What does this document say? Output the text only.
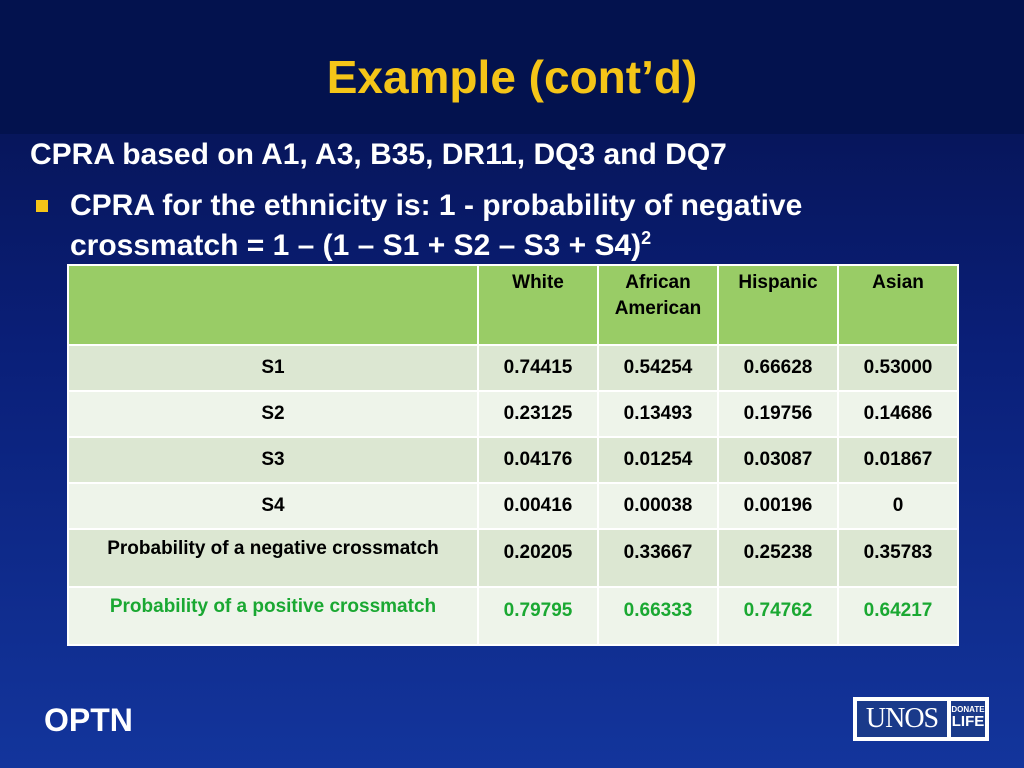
Example (cont’d)
CPRA based on A1, A3, B35, DR11, DQ3 and DQ7
CPRA for the ethnicity is: 1 - probability of negative crossmatch = $1 - (1 - S1 + S2 - S3 + S4)^2$
	White	African American	Hispanic	Asian
S1	0.74415	0.54254	0.66628	0.53000
S2	0.23125	0.13493	0.19756	0.14686
S3	0.04176	0.01254	0.03087	0.01867
S4	0.00416	0.00038	0.00196	0
Probability of a negative crossmatch	0.20205	0.33667	0.25238	0.35783
Probability of a positive crossmatch	0.79795	0.66333	0.74762	0.64217
OPTN	UNOS	DONATE
LIFE
